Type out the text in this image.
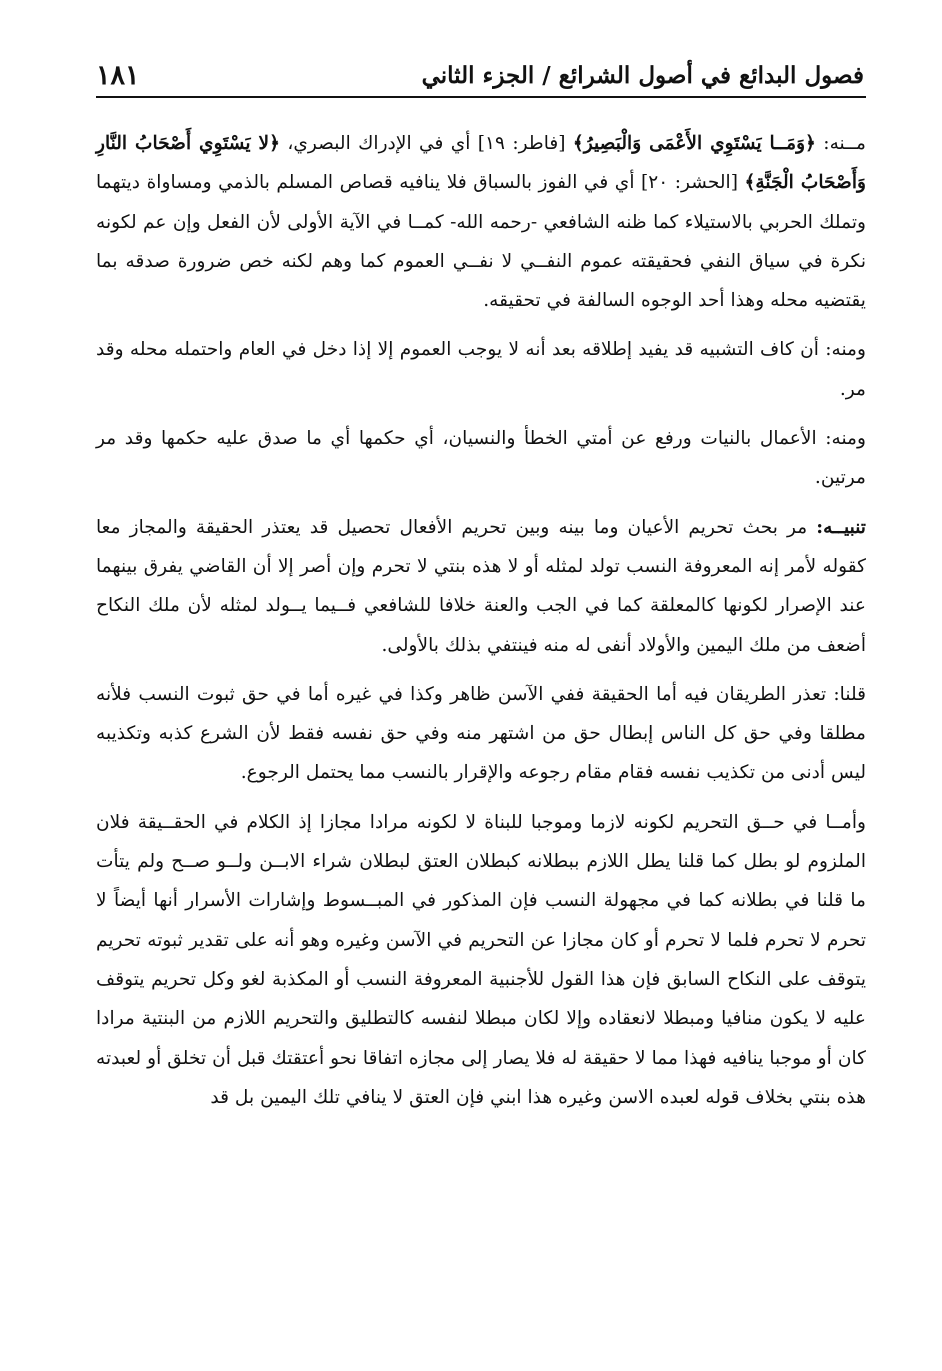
فصول البدائع في أصول الشرائع / الجزء الثاني
١٨١

مــنه: ﴿وَمَــا يَسْتَوِي الأَعْمَى وَالْبَصِيرُ﴾ [فاطر: ١٩] أي في الإدراك البصري، ﴿لا يَسْتَوِي أَصْحَابُ النَّارِ وَأَصْحَابُ الْجَنَّةِ﴾ [الحشر: ٢٠] أي في الفوز بالسباق فلا ينافيه قصاص المسلم بالذمي ومساواة ديتهما وتملك الحربي بالاستيلاء كما ظنه الشافعي -رحمه الله- كمــا في الآية الأولى لأن الفعل وإن عم لكونه نكرة في سياق النفي فحقيقته عموم النفــي لا نفــي العموم كما وهم لكنه خص ضرورة صدقه بما يقتضيه محله وهذا أحد الوجوه السالفة في تحقيقه.

ومنه: أن كاف التشبيه قد يفيد إطلاقه بعد أنه لا يوجب العموم إلا إذا دخل في العام واحتمله محله وقد مر.

ومنه: الأعمال بالنيات ورفع عن أمتي الخطأ والنسيان، أي حكمها أي ما صدق عليه حكمها وقد مر مرتين.

تنبيــه: مر بحث تحريم الأعيان وما بينه وبين تحريم الأفعال تحصيل قد يعتذر الحقيقة والمجاز معا كقوله لأمر إنه المعروفة النسب تولد لمثله أو لا هذه بنتي لا تحرم وإن أصر إلا أن القاضي يفرق بينهما عند الإصرار لكونها كالمعلقة كما في الجب والعنة خلافا للشافعي فــيما يــولد لمثله لأن ملك النكاح أضعف من ملك اليمين والأولاد أنفى له منه فينتفي بذلك بالأولى.

قلنا: تعذر الطريقان فيه أما الحقيقة ففي الآسن ظاهر وكذا في غيره أما في حق ثبوت النسب فلأنه مطلقا وفي حق كل الناس إبطال حق من اشتهر منه وفي حق نفسه فقط لأن الشرع كذبه وتكذيبه ليس أدنى من تكذيب نفسه فقام مقام رجوعه والإقرار بالنسب مما يحتمل الرجوع.

وأمــا في حــق التحريم لكونه لازما وموجبا للبناة لا لكونه مرادا مجازا إذ الكلام في الحقــيقة فلان الملزوم لو بطل كما قلنا يطل اللازم ببطلانه كبطلان العتق لبطلان شراء الابــن ولــو صــح ولم يتأت ما قلنا في بطلانه كما في مجهولة النسب فإن المذكور في المبــسوط وإشارات الأسرار أنها أيضاً لا تحرم لا تحرم فلما لا تحرم أو كان مجازا عن التحريم في الآسن وغيره وهو أنه على تقدير ثبوته تحريم يتوقف على النكاح السابق فإن هذا القول للأجنبية المعروفة النسب أو المكذبة لغو وكل تحريم يتوقف عليه لا يكون منافيا ومبطلا لانعقاده وإلا لكان مبطلا لنفسه كالتطليق والتحريم اللازم من البنتية مرادا كان أو موجبا ينافيه فهذا مما لا حقيقة له فلا يصار إلى مجازه اتفاقا نحو أعتقتك قبل أن تخلق أو لعبدته هذه بنتي بخلاف قوله لعبده الاسن وغيره هذا ابني فإن العتق لا ينافي تلك اليمين بل قد
